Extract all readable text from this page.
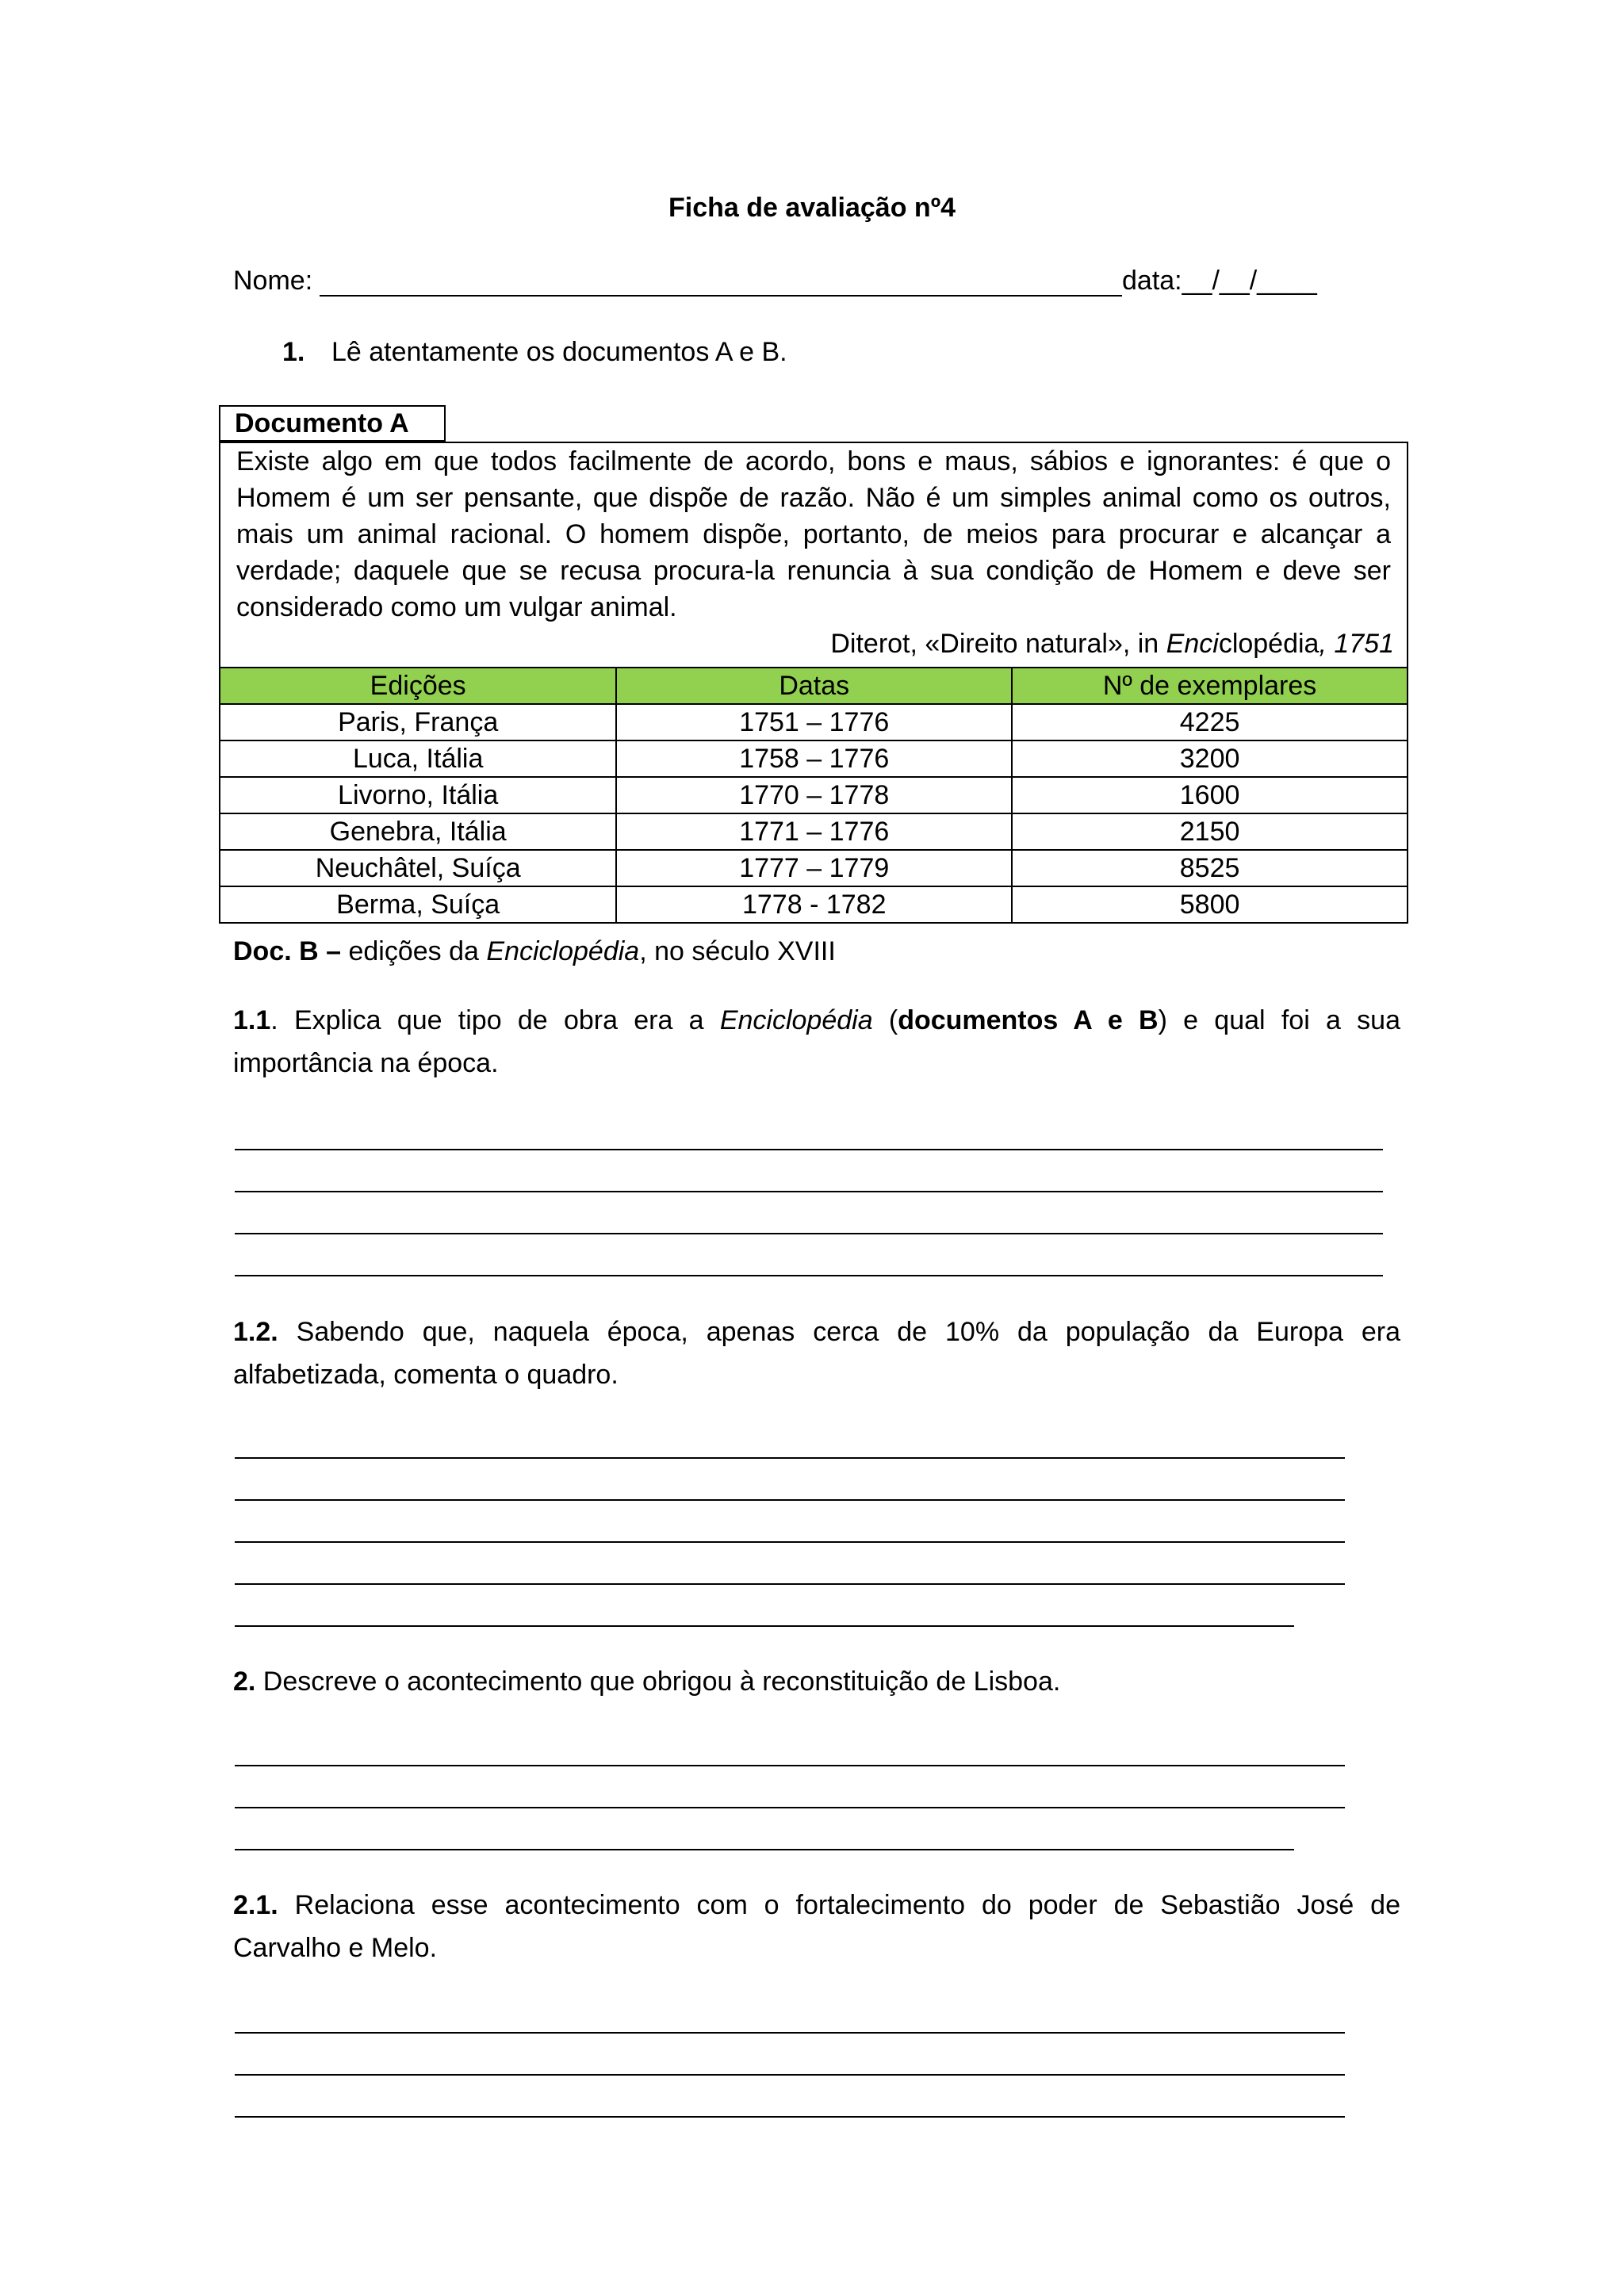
Ficha de avaliação nº4
Nome:	data:__/__/____
1. Lê atentamente os documentos A e B.
Documento A
Existe algo em que todos facilmente de acordo, bons e maus, sábios e ignorantes: é que o
Homem é um ser pensante, que dispõe de razão. Não é um simples animal como os outros,
mais um animal racional. O homem dispõe, portanto, de meios para procurar e alcançar a
verdade; daquele que se recusa procura-la renuncia à sua condição de Homem e deve ser
considerado como um vulgar animal.
Diterot, «Direito natural», in Enciclopédia, 1751
Edições	Datas	Nº de exemplares
Paris, França	1751 – 1776	4225
Luca, Itália	1758 – 1776	3200
Livorno, Itália	1770 – 1778	1600
Genebra, Itália	1771 – 1776	2150
Neuchâtel, Suíça	1777 – 1779	8525
Berma, Suíça	1778 - 1782	5800
Doc. B – edições da Enciclopédia, no século XVIII
1.1. Explica que tipo de obra era a Enciclopédia (documentos A e B) e qual foi a sua
importância na época.
1.2. Sabendo que, naquela época, apenas cerca de 10% da população da Europa era
alfabetizada, comenta o quadro.
2. Descreve o acontecimento que obrigou à reconstituição de Lisboa.
2.1. Relaciona esse acontecimento com o fortalecimento do poder de Sebastião José de
Carvalho e Melo.
